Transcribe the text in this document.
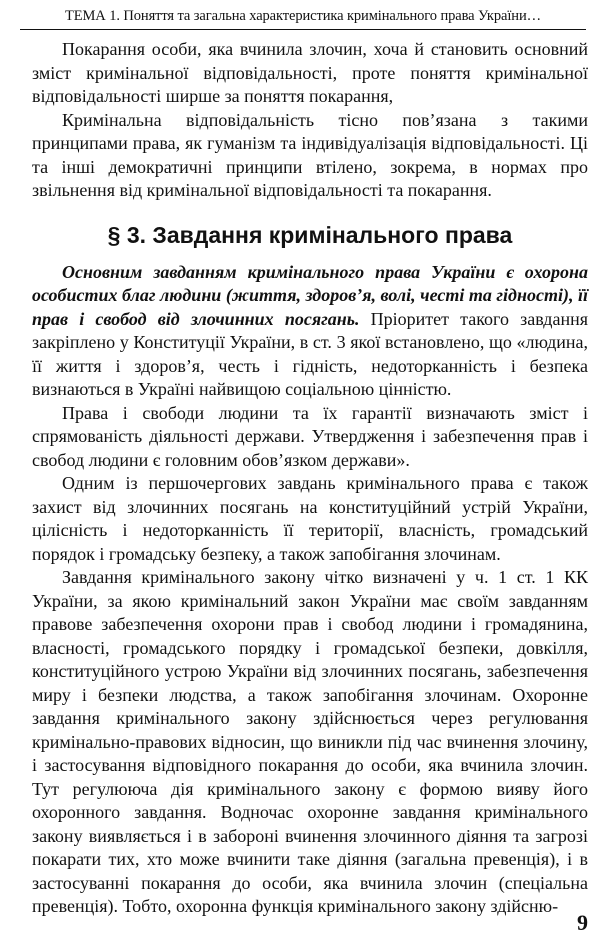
ТЕМА 1. Поняття та загальна характеристика кримінального права України…

Покарання особи, яка вчинила злочин, хоча й становить основний зміст кримінальної відповідальності, проте поняття кримінальної відповідальності ширше за поняття покарання,

Кримінальна відповідальність тісно пов’язана з такими принципами права, як гуманізм та індивідуалізація відповідальності. Ці та інші демократичні принципи втілено, зокрема, в нормах про звільнення від кримінальної відповідальності та покарання.

§ 3. Завдання кримінального права

Основним завданням кримінального права України є охорона особистих благ людини (життя, здоров’я, волі, честі та гідності), її прав і свобод від злочинних посягань. Пріоритет такого завдання закріплено у Конституції України, в ст. 3 якої встановлено, що «людина, її життя і здоров’я, честь і гідність, недоторканність і безпека визнаються в Україні найвищою соціальною цінністю.

Права і свободи людини та їх гарантії визначають зміст і спрямованість діяльності держави. Утвердження і забезпечення прав і свобод людини є головним обов’язком держави».

Одним із першочергових завдань кримінального права є також захист від злочинних посягань на конституційний устрій України, цілісність і недоторканність її території, власність, громадський порядок і громадську безпеку, а також запобігання злочинам.

Завдання кримінального закону чітко визначені у ч. 1 ст. 1 КК України, за якою кримінальний закон України має своїм завданням правове забезпечення охорони прав і свобод людини і громадянина, власності, громадського порядку і громадської безпеки, довкілля, конституційного устрою України від злочинних посягань, забезпечення миру і безпеки людства, а також запобігання злочинам. Охоронне завдання кримінального закону здійснюється через регулювання кримінально-правових відносин, що виникли під час вчинення злочину, і застосування відповідного покарання до особи, яка вчинила злочин. Тут регулююча дія кримінального закону є формою вияву його охоронного завдання. Водночас охоронне завдання кримінального закону виявляється і в забороні вчинення злочинного діяння та загрозі покарати тих, хто може вчинити таке діяння (загальна превенція), і в застосуванні покарання до особи, яка вчинила злочин (спеціальна превенція). Тобто, охоронна функція кримінального закону здійсню-

9
